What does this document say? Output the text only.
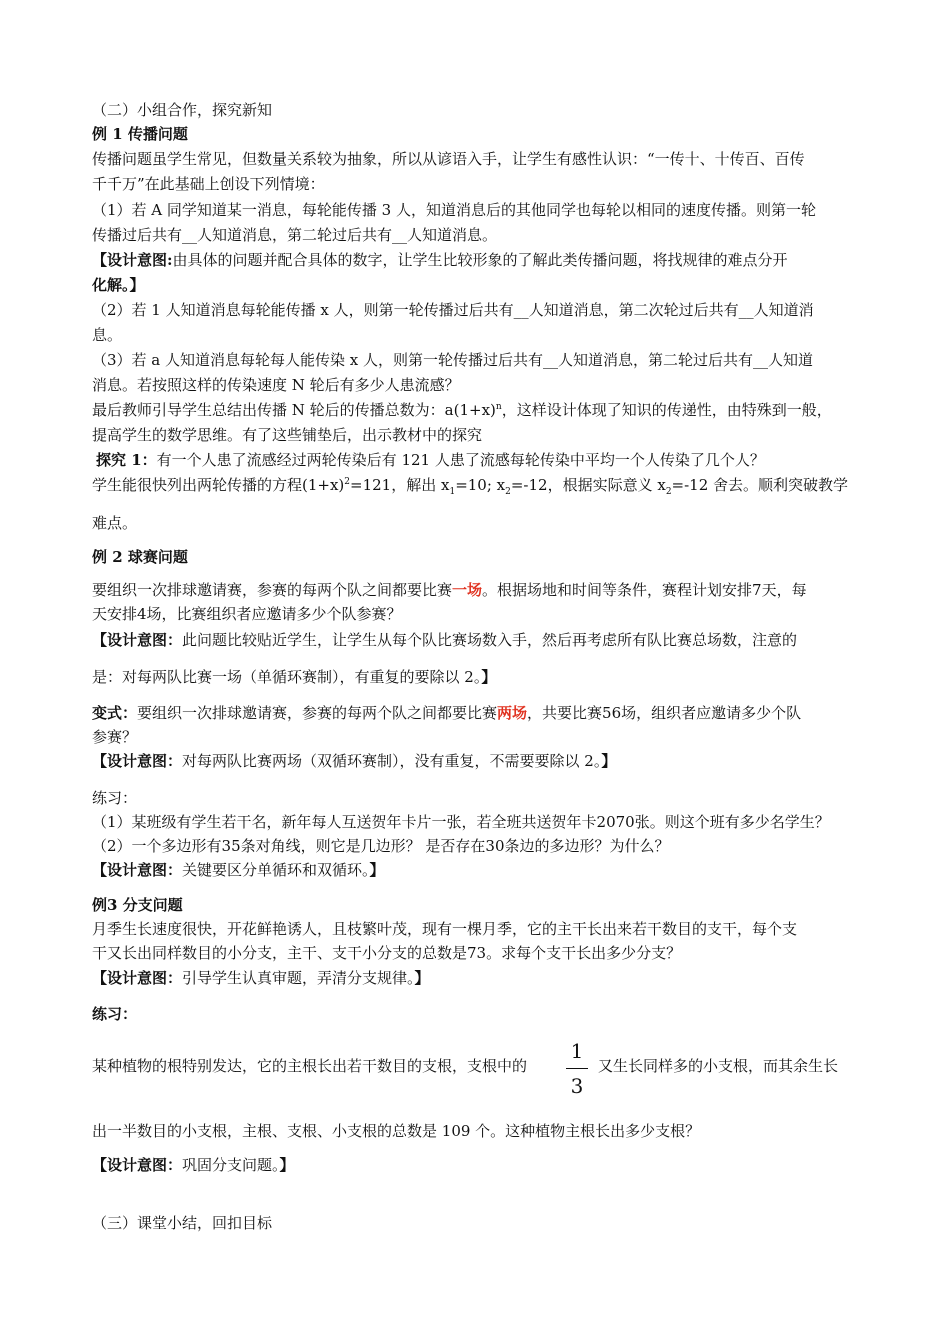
（二）小组合作，探究新知
例 1 传播问题
传播问题虽学生常见，但数量关系较为抽象，所以从谚语入手，让学生有感性认识：“一传十、十传百、百传
千千万”在此基础上创设下列情境：
（1）若 A 同学知道某一消息，每轮能传播 3 人，知道消息后的其他同学也每轮以相同的速度传播。则第一轮
传播过后共有__人知道消息，第二轮过后共有__人知道消息。
【设计意图:由具体的问题并配合具体的数字，让学生比较形象的了解此类传播问题，将找规律的难点分开
化解。】
（2）若 1 人知道消息每轮能传播 x 人，则第一轮传播过后共有__人知道消息，第二次轮过后共有__人知道消
息。
（3）若 a 人知道消息每轮每人能传染 x 人，则第一轮传播过后共有__人知道消息，第二轮过后共有__人知道
消息。若按照这样的传染速度 N 轮后有多少人患流感？
最后教师引导学生总结出传播 N 轮后的传播总数为：$a(1+x)^n$，这样设计体现了知识的传递性，由特殊到一般，
提高学生的数学思维。有了这些铺垫后，出示教材中的探究
探究 1：有一个人患了流感经过两轮传染后有 121 人患了流感每轮传染中平均一个人传染了几个人？
学生能很快列出两轮传播的方程$(1+x)^2=121$，解出 $x_1=10$; $x_2=-12$，根据实际意义 $x_2=-12$ 舍去。顺利突破教学
难点。
例 2 球赛问题
要组织一次排球邀请赛，参赛的每两个队之间都要比赛一场。根据场地和时间等条件，赛程计划安排7天，每
天安排4场，比赛组织者应邀请多少个队参赛？
【设计意图：此问题比较贴近学生，让学生从每个队比赛场数入手，然后再考虑所有队比赛总场数，注意的
是：对每两队比赛一场（单循环赛制），有重复的要除以 2。】
变式：要组织一次排球邀请赛，参赛的每两个队之间都要比赛两场，共要比赛56场，组织者应邀请多少个队
参赛？
【设计意图：对每两队比赛两场（双循环赛制），没有重复，不需要要除以 2。】
练习：
（1）某班级有学生若干名，新年每人互送贺年卡片一张，若全班共送贺年卡2070张。则这个班有多少名学生？
（2）一个多边形有35条对角线，则它是几边形？ 是否存在30条边的多边形？为什么？
【设计意图：关键要区分单循环和双循环。】
例3 分支问题
月季生长速度很快，开花鲜艳诱人，且枝繁叶茂，现有一棵月季，它的主干长出来若干数目的支干，每个支
干又长出同样数目的小分支，主干、支干小分支的总数是73。求每个支干长出多少分支？
【设计意图：引导学生认真审题，弄清分支规律。】
练习：
某种植物的根特别发达，它的主根长出若干数目的支根，支根中的
1
3
又生长同样多的小支根，而其余生长
出一半数目的小支根，主根、支根、小支根的总数是 109 个。这种植物主根长出多少支根？
【设计意图：巩固分支问题。】
（三）课堂小结，回扣目标
